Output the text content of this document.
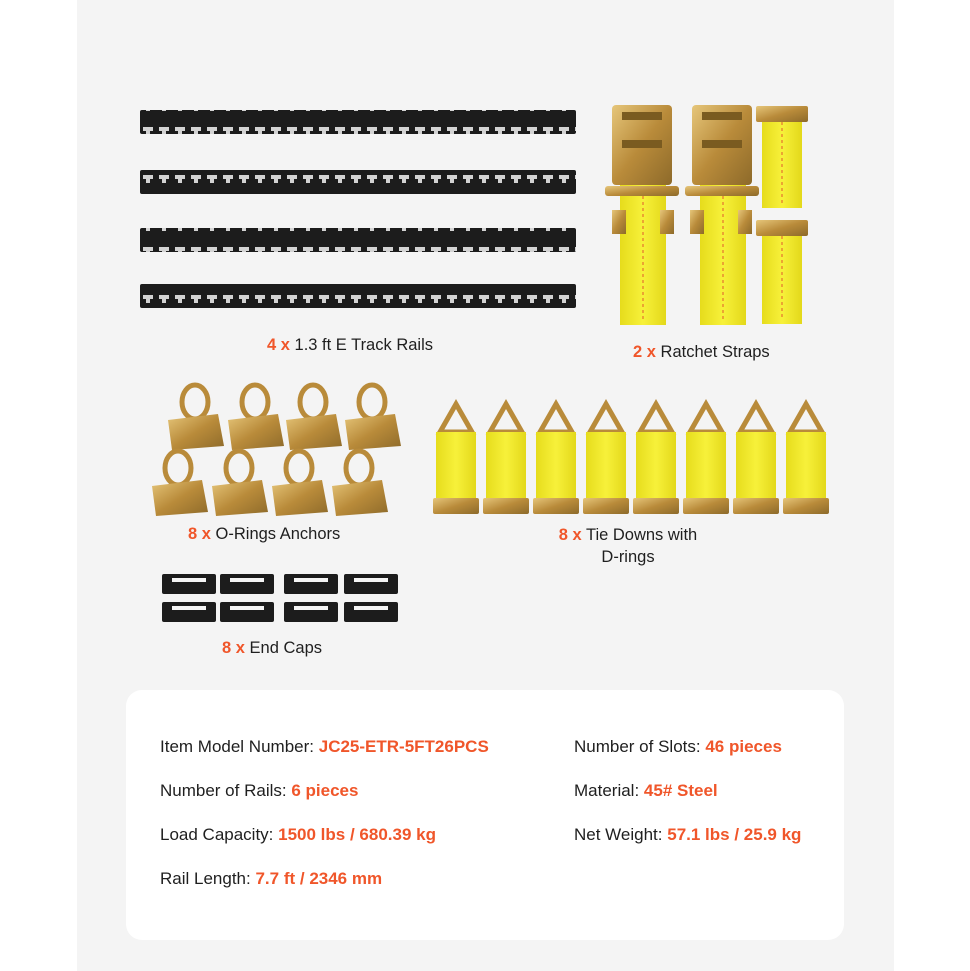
4 x 1.3 ft E Track Rails	2 x Ratchet Straps
8 x O-Rings Anchors	8 x Tie Downs with
D-rings
8 x End Caps
Item Model Number: JC25-ETR-5FT26PCS	Number of Slots: 46 pieces
Number of Rails: 6 pieces	Material: 45# Steel
Load Capacity: 1500 lbs / 680.39 kg	Net Weight: 57.1 lbs / 25.9 kg
Rail Length: 7.7 ft / 2346 mm
